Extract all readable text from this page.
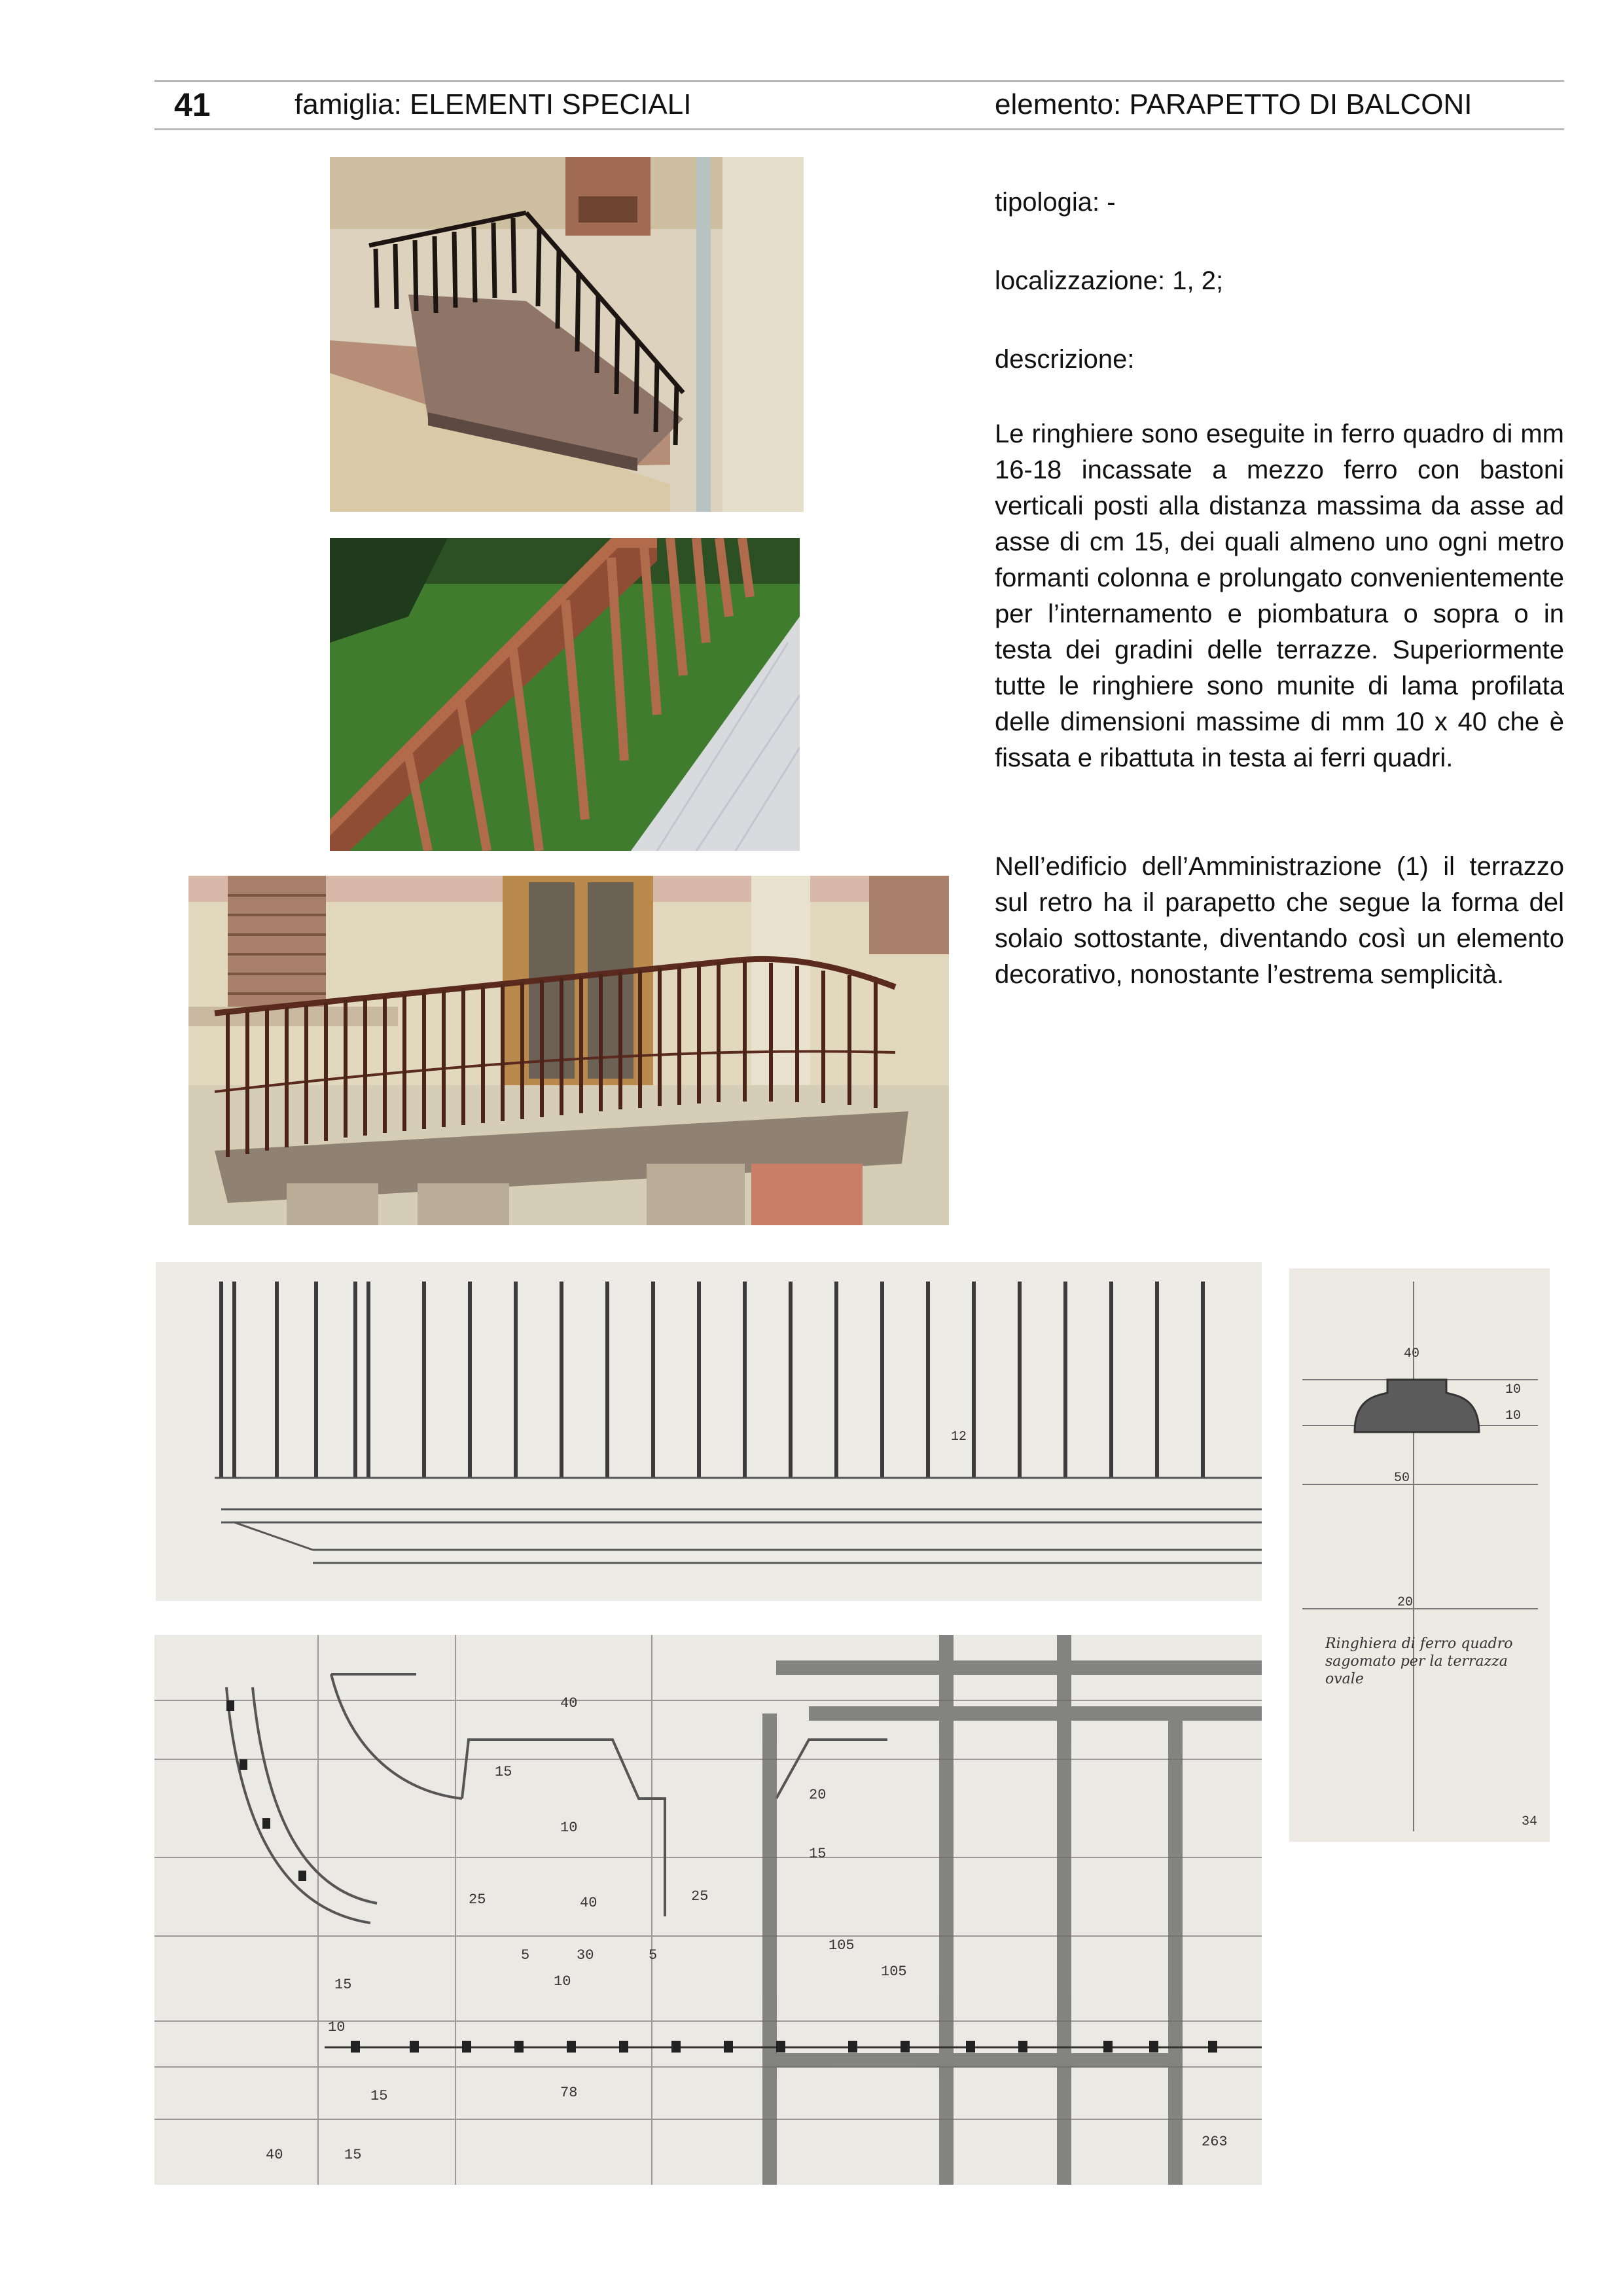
41	famiglia: ELEMENTI SPECIALI	elemento: PARAPETTO DI BALCONI
tipologia: -
localizzazione: 1, 2;
descrizione:

Le ringhiere sono eseguite in ferro quadro di mm 16-18 incassate a mezzo ferro con bastoni verticali posti alla distanza massima da asse ad asse di cm 15, dei quali almeno uno ogni metro formanti colonna e prolungato convenientemente per l’internamento e piombatura o sopra o in testa dei gradini delle terrazze. Superiormente tutte le ringhiere sono munite di lama profilata delle dimensioni massime di mm 10 x 40 che è fissata e ribattuta in testa ai ferri quadri.

Nell’edificio dell’Amministrazione (1) il terrazzo sul retro ha il parapetto che segue la forma del solaio sottostante, diventando così un elemento decorativo, nonostante l’estrema semplicità.

12
40
10
10
50
20
34
Ringhiera di ferro quadro sagomato per la terrazza ovale
15
40
10
25
40
25
5	30	5
10
10
15
15	78
40	15
20
15
105
105
263
